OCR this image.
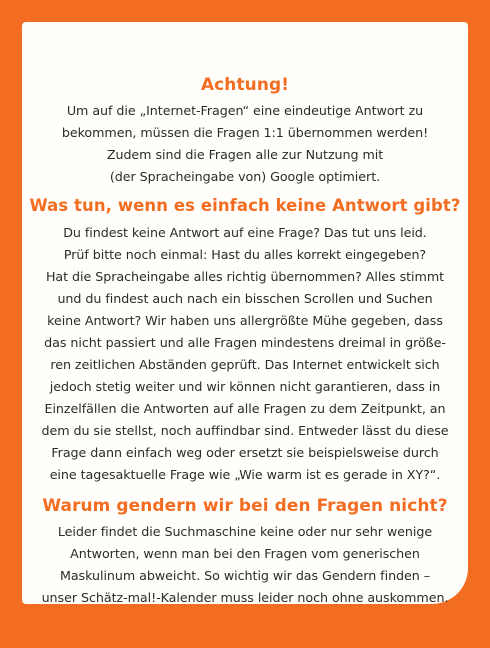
Achtung!
Um auf die „Internet-Fragen“ eine eindeutige Antwort zu
bekommen, müssen die Fragen 1:1 übernommen werden!
Zudem sind die Fragen alle zur Nutzung mit
(der Spracheingabe von) Google optimiert.
Was tun, wenn es einfach keine Antwort gibt?
Du findest keine Antwort auf eine Frage? Das tut uns leid.
Prüf bitte noch einmal: Hast du alles korrekt eingegeben?
Hat die Spracheingabe alles richtig übernommen? Alles stimmt
und du findest auch nach ein bisschen Scrollen und Suchen
keine Antwort? Wir haben uns allergrößte Mühe gegeben, dass
das nicht passiert und alle Fragen mindestens dreimal in größe-
ren zeitlichen Abständen geprüft. Das Internet entwickelt sich
jedoch stetig weiter und wir können nicht garantieren, dass in
Einzelfällen die Antworten auf alle Fragen zu dem Zeitpunkt, an
dem du sie stellst, noch auffindbar sind. Entweder lässt du diese
Frage dann einfach weg oder ersetzt sie beispielsweise durch
eine tagesaktuelle Frage wie „Wie warm ist es gerade in XY?“.
Warum gendern wir bei den Fragen nicht?
Leider findet die Suchmaschine keine oder nur sehr wenige
Antworten, wenn man bei den Fragen vom generischen
Maskulinum abweicht. So wichtig wir das Gendern finden –
unser Schätz-mal!-Kalender muss leider noch ohne auskommen.
